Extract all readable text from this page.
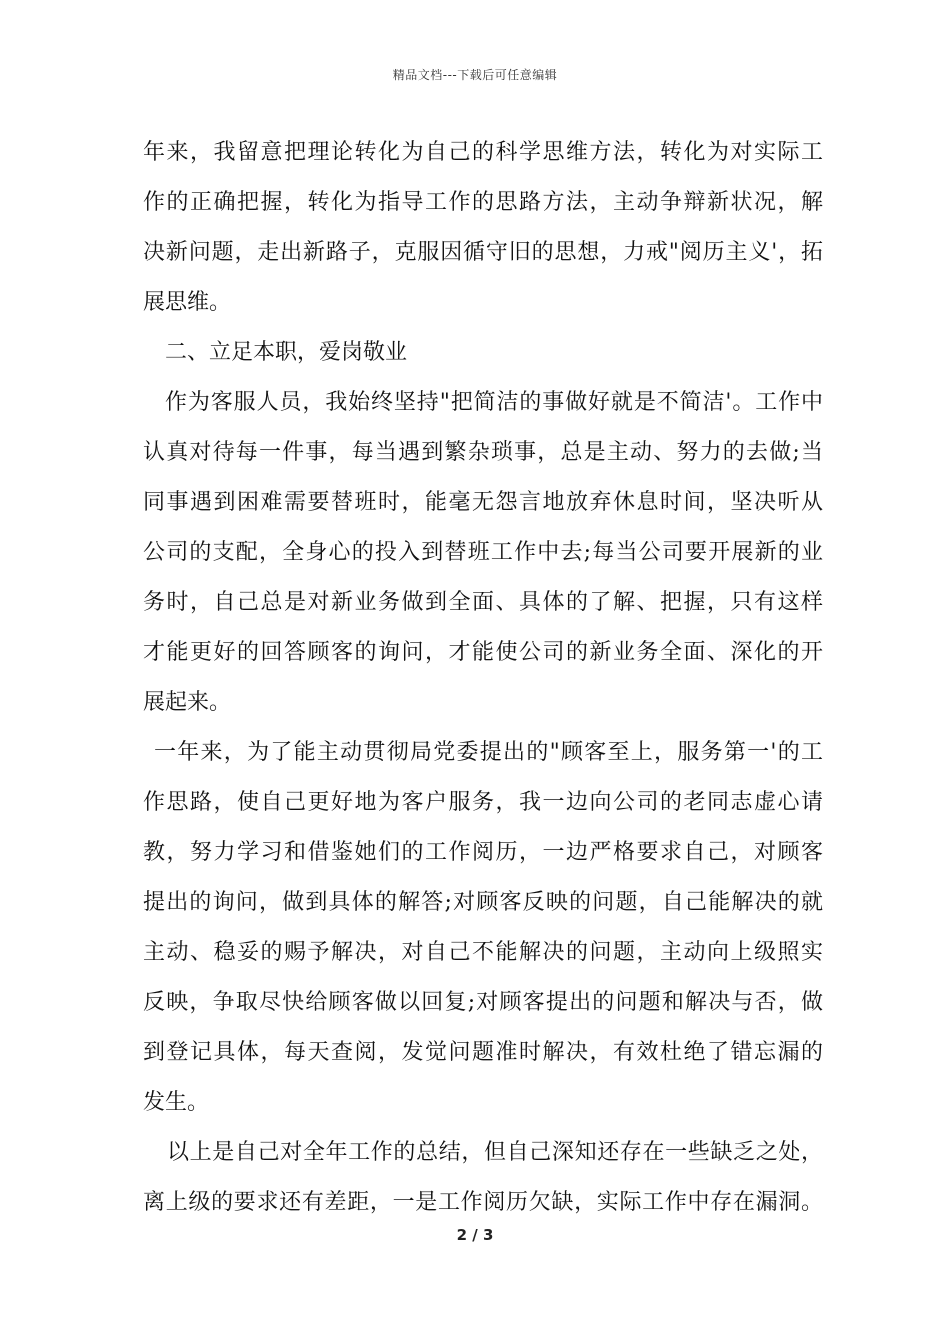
精品文档---下载后可任意编辑
年来，我留意把理论转化为自己的科学思维方法，转化为对实际工
作的正确把握，转化为指导工作的思路方法，主动争辩新状况，解
决新问题，走出新路子，克服因循守旧的思想，力戒"阅历主义'，拓
展思维。
二、立足本职，爱岗敬业
作为客服人员，我始终坚持"把简洁的事做好就是不简洁'。工作中
认真对待每一件事，每当遇到繁杂琐事，总是主动、努力的去做;当
同事遇到困难需要替班时，能毫无怨言地放弃休息时间，坚决听从
公司的支配，全身心的投入到替班工作中去;每当公司要开展新的业
务时，自己总是对新业务做到全面、具体的了解、把握，只有这样
才能更好的回答顾客的询问，才能使公司的新业务全面、深化的开
展起来。
一年来，为了能主动贯彻局党委提出的"顾客至上，服务第一'的工
作思路，使自己更好地为客户服务，我一边向公司的老同志虚心请
教，努力学习和借鉴她们的工作阅历，一边严格要求自己，对顾客
提出的询问，做到具体的解答;对顾客反映的问题，自己能解决的就
主动、稳妥的赐予解决，对自己不能解决的问题，主动向上级照实
反映，争取尽快给顾客做以回复;对顾客提出的问题和解决与否，做
到登记具体，每天查阅，发觉问题准时解决，有效杜绝了错忘漏的
发生。
以上是自己对全年工作的总结，但自己深知还存在一些缺乏之处，
离上级的要求还有差距，一是工作阅历欠缺，实际工作中存在漏洞。
2 / 3
